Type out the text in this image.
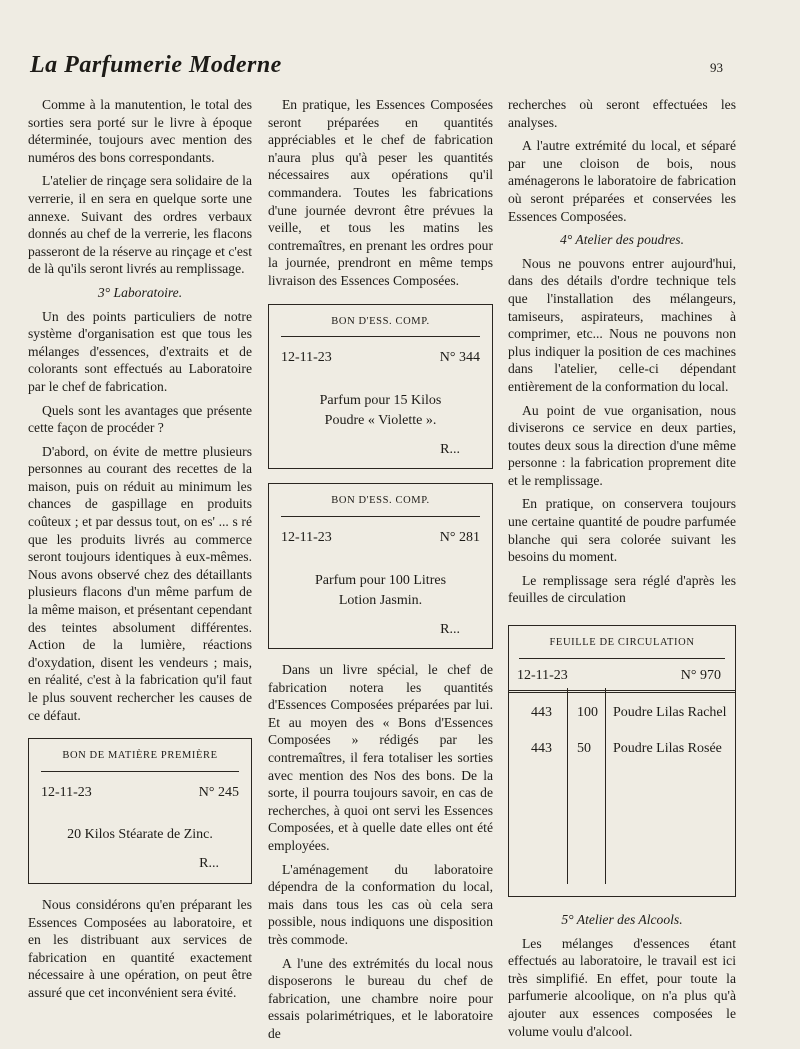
La Parfumerie Moderne	93

Comme à la manutention, le total des sorties sera porté sur le livre à époque déterminée, toujours avec mention des numéros des bons correspondants.

L'atelier de rinçage sera solidaire de la verrerie, il en sera en quelque sorte une annexe. Suivant des ordres verbaux donnés au chef de la verrerie, les flacons passeront de la réserve au rinçage et c'est de là qu'ils seront livrés au remplissage.

3° Laboratoire.

Un des points particuliers de notre système d'organisation est que tous les mélanges d'essences, d'extraits et de colorants sont effectués au Laboratoire par le chef de fabrication.

Quels sont les avantages que présente cette façon de procéder ?

D'abord, on évite de mettre plusieurs personnes au courant des recettes de la maison, puis on réduit au minimum les chances de gaspillage en produits coûteux ; et par dessus tout, on es' ... s ré que les produits livrés au commerce seront toujours identiques à eux-mêmes. Nous avons observé chez des détaillants plusieurs flacons d'un même parfum de la même maison, et présentant cependant des teintes absolument différentes. Action de la lumière, réactions d'oxydation, disent les vendeurs ; mais, en réalité, c'est à la fabrication qu'il faut le plus souvent rechercher les causes de ce défaut.

BON DE MATIÈRE PREMIÈRE
12-11-23	N° 245
20 Kilos Stéarate de Zinc.
R...

Nous considérons qu'en préparant les Essences Composées au laboratoire, et en les distribuant aux services de fabrication en quantité exactement nécessaire à une opération, on peut être assuré que cet inconvénient sera évité.

En pratique, les Essences Composées seront préparées en quantités appréciables et le chef de fabrication n'aura plus qu'à peser les quantités nécessaires aux opérations qu'il commandera. Toutes les fabrications d'une journée devront être prévues la veille, et tous les matins les contremaîtres, en prenant les ordres pour la journée, prendront en même temps livraison des Essences Composées.

BON D'ESS. COMP.
12-11-23	N° 344
Parfum pour 15 Kilos
Poudre « Violette ».
R...
BON D'ESS. COMP.
12-11-23	N° 281
Parfum pour 100 Litres
Lotion Jasmin.
R...

Dans un livre spécial, le chef de fabrication notera les quantités d'Essences Composées préparées par lui. Et au moyen des « Bons d'Essences Composées » rédigés par les contremaîtres, il fera totaliser les sorties avec mention des Nos des bons. De la sorte, il pourra toujours savoir, en cas de recherches, à quoi ont servi les Essences Composées, et à quelle date elles ont été employées.

L'aménagement du laboratoire dépendra de la conformation du local, mais dans tous les cas où cela sera possible, nous indiquons une disposition très commode.

A l'une des extrémités du local nous disposerons le bureau du chef de fabrication, une chambre noire pour essais polarimétriques, et le laboratoire de

recherches où seront effectuées les analyses.

A l'autre extrémité du local, et séparé par une cloison de bois, nous aménagerons le laboratoire de fabrication où seront préparées et conservées les Essences Composées.

4° Atelier des poudres.

Nous ne pouvons entrer aujourd'hui, dans des détails d'ordre technique tels que l'installation des mélangeurs, tamiseurs, aspirateurs, machines à comprimer, etc... Nous ne pouvons non plus indiquer la position de ces machines dans l'atelier, celle-ci dépendant entièrement de la conformation du local.

Au point de vue organisation, nous diviserons ce service en deux parties, toutes deux sous la direction d'une même personne : la fabrication proprement dite et le remplissage.

En pratique, on conservera toujours une certaine quantité de poudre parfumée blanche qui sera colorée suivant les besoins du moment.

Le remplissage sera réglé d'après les feuilles de circulation

FEUILLE DE CIRCULATION
12-11-23	N° 970
443 100 Poudre Lilas Rachel
443 50 Poudre Lilas Rosée

5° Atelier des Alcools.

Les mélanges d'essences étant effectués au laboratoire, le travail est ici très simplifié. En effet, pour toute la parfumerie alcoolique, on n'a plus qu'à ajouter aux essences composées le volume voulu d'alcool.
